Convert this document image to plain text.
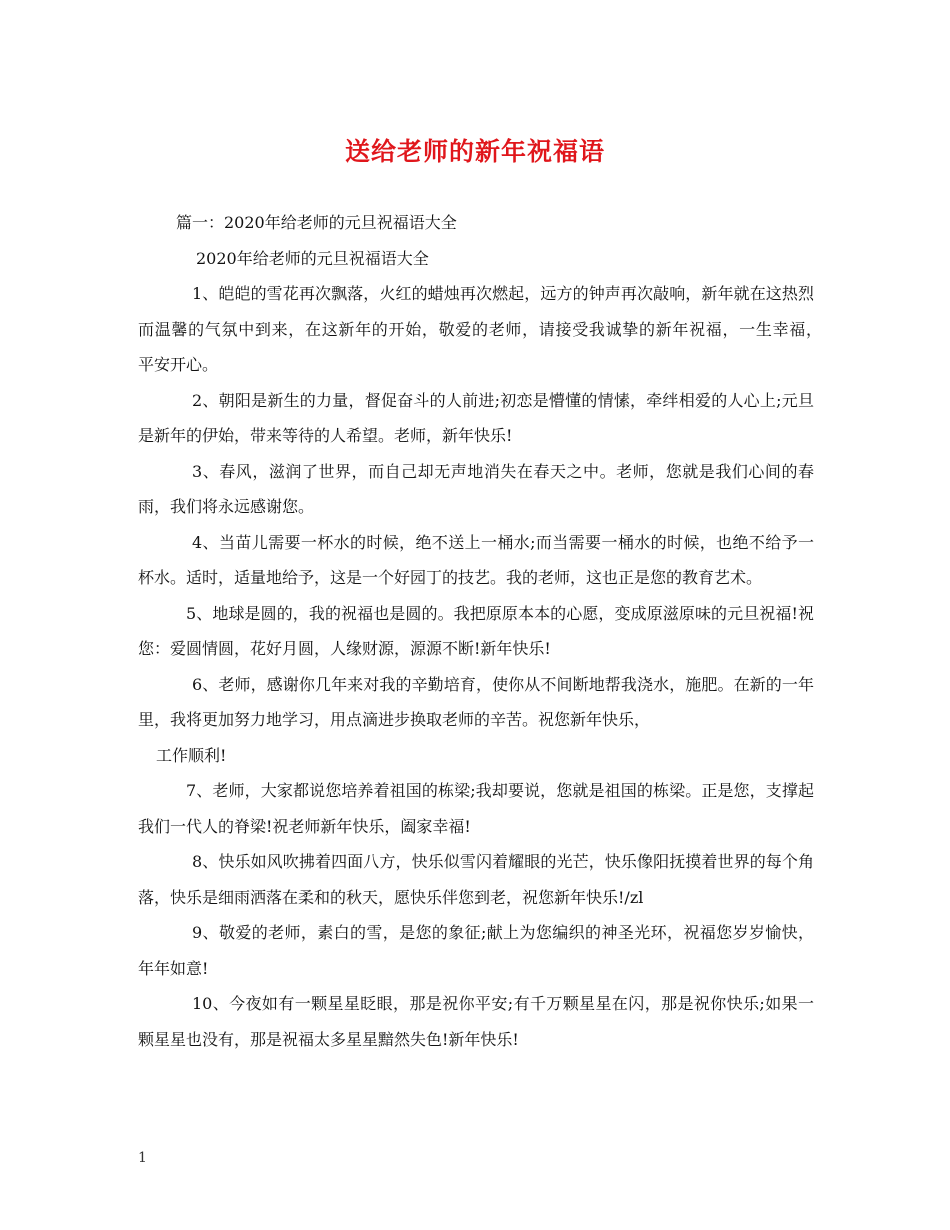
送给老师的新年祝福语

篇一：2020年给老师的元旦祝福语大全

2020年给老师的元旦祝福语大全

1、皑皑的雪花再次飘落，火红的蜡烛再次燃起，远方的钟声再次敲响，新年就在这热烈而温馨的气氛中到来，在这新年的开始，敬爱的老师，请接受我诚挚的新年祝福，一生幸福，　 平安开心。

2、朝阳是新生的力量，督促奋斗的人前进;初恋是懵懂的情愫，牵绊相爱的人心上;元旦是新年的伊始，带来等待的人希望。老师，新年快乐!

3、春风，滋润了世界，而自己却无声地消失在春天之中。老师，您就是我们心间的春雨，我们将永远感谢您。

4、当苗儿需要一杯水的时候，绝不送上一桶水;而当需要一桶水的时候，也绝不给予一杯水。适时，适量地给予，这是一个好园丁的技艺。我的老师，这也正是您的教育艺术。

5、地球是圆的，我的祝福也是圆的。我把原原本本的心愿，变成原滋原味的元旦祝福!祝您：爱圆情圆，花好月圆，人缘财源，源源不断!新年快乐!

6、老师，感谢你几年来对我的辛勤培育，使你从不间断地帮我浇水，施肥。在新的一年里，我将更加努力地学习，用点滴进步换取老师的辛苦。祝您新年快乐，

工作顺利!

7、老师，大家都说您培养着祖国的栋梁;我却要说，您就是祖国的栋梁。正是您，支撑起我们一代人的脊梁!祝老师新年快乐，阖家幸福!

8、快乐如风吹拂着四面八方，快乐似雪闪着耀眼的光芒，快乐像阳抚摸着世界的每个角落，快乐是细雨洒落在柔和的秋天，愿快乐伴您到老，祝您新年快乐!/zl

9、敬爱的老师，素白的雪，是您的象征;献上为您编织的神圣光环，祝福您岁岁愉快，年年如意!

10、今夜如有一颗星星眨眼，那是祝你平安;有千万颗星星在闪，那是祝你快乐;如果一颗星星也没有，那是祝福太多星星黯然失色!新年快乐!

1
